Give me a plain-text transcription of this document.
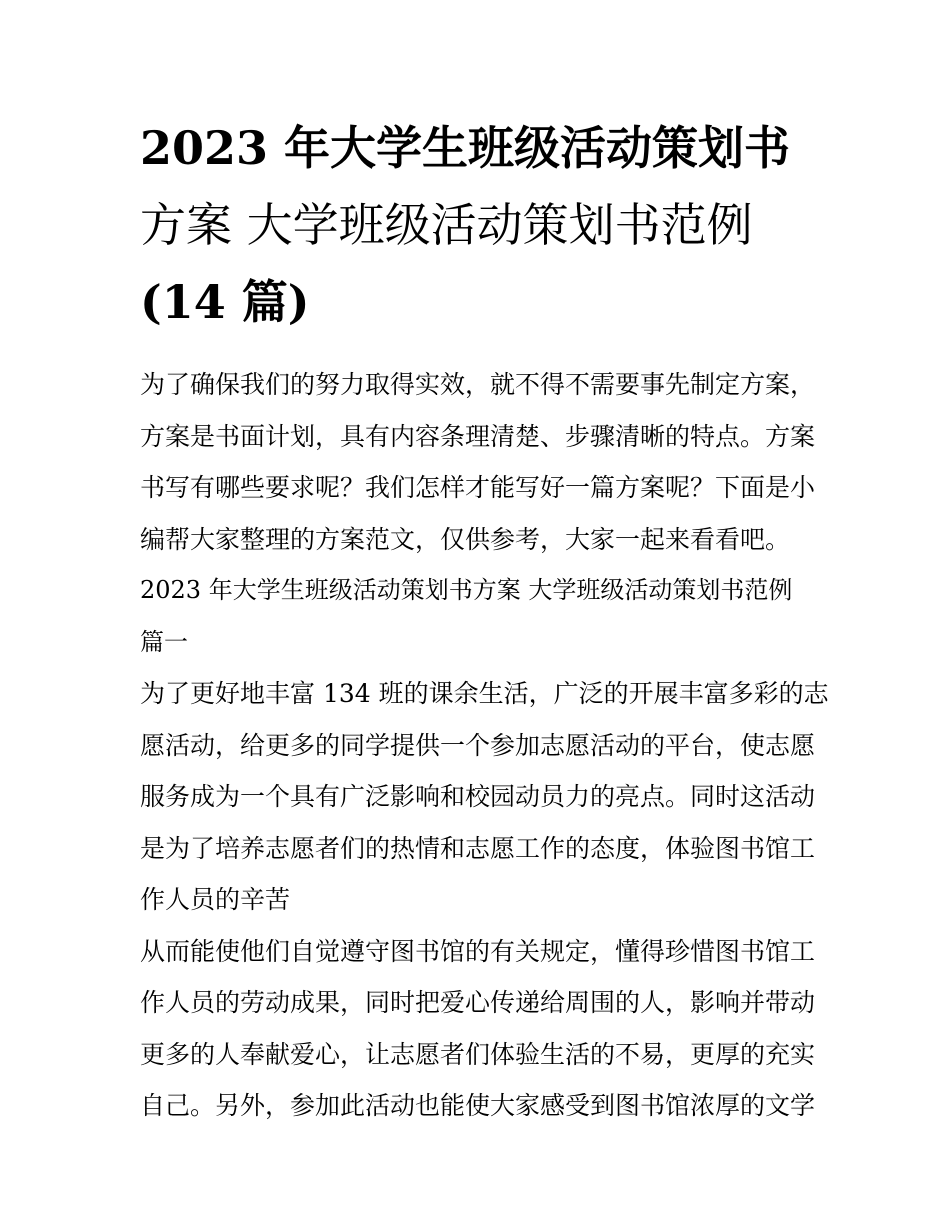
2023 年大学生班级活动策划书
方案 大学班级活动策划书范例
(14 篇)

为了确保我们的努力取得实效，就不得不需要事先制定方案，
方案是书面计划，具有内容条理清楚、步骤清晰的特点。方案
书写有哪些要求呢？我们怎样才能写好一篇方案呢？下面是小
编帮大家整理的方案范文，仅供参考，大家一起来看看吧。

2023 年大学生班级活动策划书方案 大学班级活动策划书范例
篇一

为了更好地丰富 134 班的课余生活，广泛的开展丰富多彩的志
愿活动，给更多的同学提供一个参加志愿活动的平台，使志愿
服务成为一个具有广泛影响和校园动员力的亮点。同时这活动
是为了培养志愿者们的热情和志愿工作的态度，体验图书馆工
作人员的辛苦

从而能使他们自觉遵守图书馆的有关规定，懂得珍惜图书馆工
作人员的劳动成果，同时把爱心传递给周围的人，影响并带动
更多的人奉献爱心，让志愿者们体验生活的不易，更厚的充实
自己。另外，参加此活动也能使大家感受到图书馆浓厚的文学
